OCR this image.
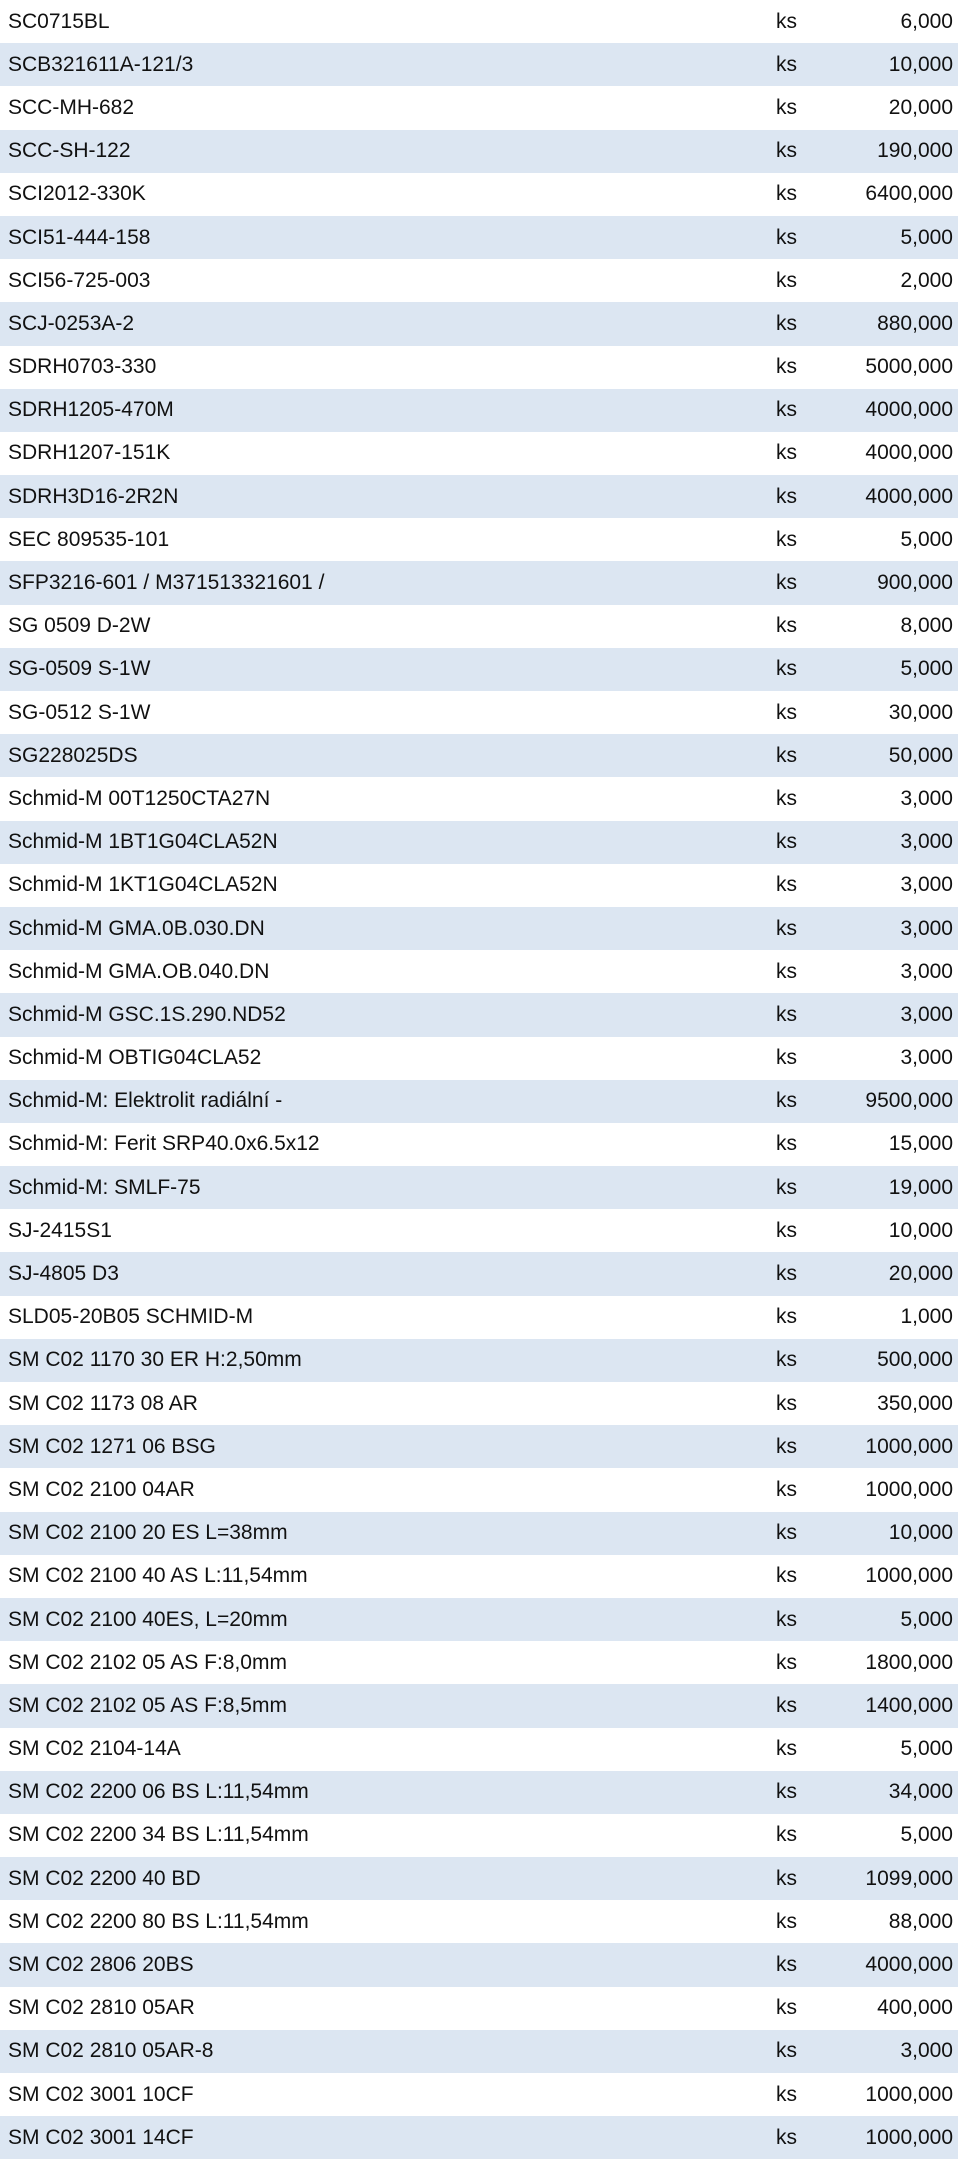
SC0715BL	ks	6,000
SCB321611A-121/3	ks	10,000
SCC-MH-682	ks	20,000
SCC-SH-122	ks	190,000
SCI2012-330K	ks	6400,000
SCI51-444-158	ks	5,000
SCI56-725-003	ks	2,000
SCJ-0253A-2	ks	880,000
SDRH0703-330	ks	5000,000
SDRH1205-470M	ks	4000,000
SDRH1207-151K	ks	4000,000
SDRH3D16-2R2N	ks	4000,000
SEC 809535-101	ks	5,000
SFP3216-601 / M371513321601 /	ks	900,000
SG 0509 D-2W	ks	8,000
SG-0509 S-1W	ks	5,000
SG-0512 S-1W	ks	30,000
SG228025DS	ks	50,000
Schmid-M 00T1250CTA27N	ks	3,000
Schmid-M 1BT1G04CLA52N	ks	3,000
Schmid-M 1KT1G04CLA52N	ks	3,000
Schmid-M GMA.0B.030.DN	ks	3,000
Schmid-M GMA.OB.040.DN	ks	3,000
Schmid-M GSC.1S.290.ND52	ks	3,000
Schmid-M OBTIG04CLA52	ks	3,000
Schmid-M: Elektrolit radiální -	ks	9500,000
Schmid-M: Ferit SRP40.0x6.5x12	ks	15,000
Schmid-M: SMLF-75	ks	19,000
SJ-2415S1	ks	10,000
SJ-4805 D3	ks	20,000
SLD05-20B05 SCHMID-M	ks	1,000
SM C02 1170 30 ER H:2,50mm	ks	500,000
SM C02 1173 08 AR	ks	350,000
SM C02 1271 06 BSG	ks	1000,000
SM C02 2100 04AR	ks	1000,000
SM C02 2100 20 ES L=38mm	ks	10,000
SM C02 2100 40 AS L:11,54mm	ks	1000,000
SM C02 2100 40ES, L=20mm	ks	5,000
SM C02 2102 05 AS F:8,0mm	ks	1800,000
SM C02 2102 05 AS F:8,5mm	ks	1400,000
SM C02 2104-14A	ks	5,000
SM C02 2200 06 BS L:11,54mm	ks	34,000
SM C02 2200 34 BS L:11,54mm	ks	5,000
SM C02 2200 40 BD	ks	1099,000
SM C02 2200 80 BS L:11,54mm	ks	88,000
SM C02 2806 20BS	ks	4000,000
SM C02 2810 05AR	ks	400,000
SM C02 2810 05AR-8	ks	3,000
SM C02 3001 10CF	ks	1000,000
SM C02 3001 14CF	ks	1000,000
